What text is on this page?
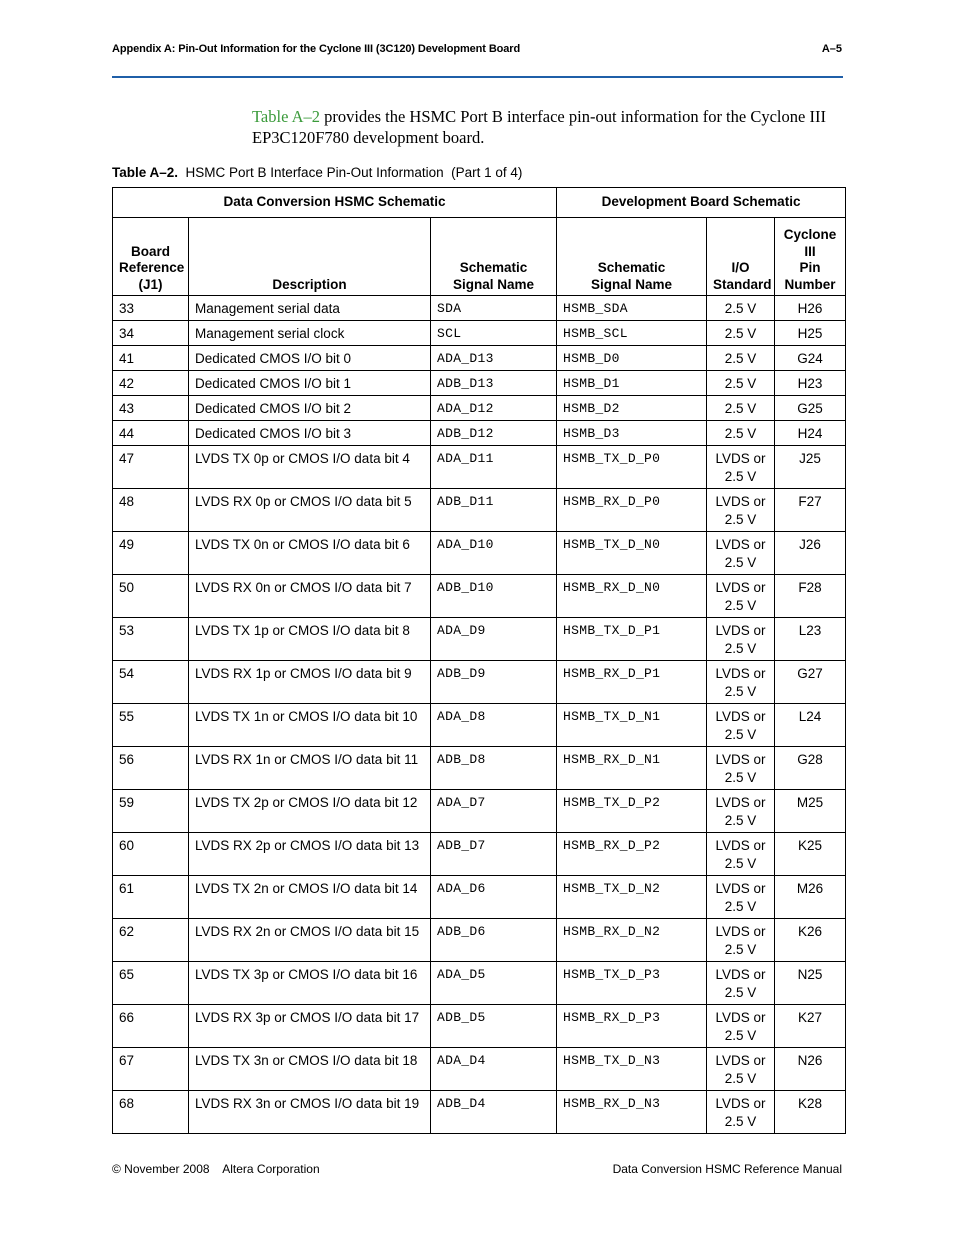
Appendix A: Pin-Out Information for the Cyclone III (3C120) Development Board	A–5
Table A–2 provides the HSMC Port B interface pin-out information for the Cyclone III EP3C120F780 development board.
Table A–2.  HSMC Port B Interface Pin-Out Information  (Part 1 of 4)
Data Conversion HSMC Schematic			Development Board Schematic		
Board
Reference
(J1)	Description	Schematic
Signal Name	Schematic
Signal Name	I/O
Standard	Cyclone
III
Pin
Number
33	Management serial data	SDA	HSMB_SDA	2.5 V	H26
34	Management serial clock	SCL	HSMB_SCL	2.5 V	H25
41	Dedicated CMOS I/O bit 0	ADA_D13	HSMB_D0	2.5 V	G24
42	Dedicated CMOS I/O bit 1	ADB_D13	HSMB_D1	2.5 V	H23
43	Dedicated CMOS I/O bit 2	ADA_D12	HSMB_D2	2.5 V	G25
44	Dedicated CMOS I/O bit 3	ADB_D12	HSMB_D3	2.5 V	H24
47	LVDS TX 0p or CMOS I/O data bit 4	ADA_D11	HSMB_TX_D_P0	LVDS or
2.5 V	J25
48	LVDS RX 0p or CMOS I/O data bit 5	ADB_D11	HSMB_RX_D_P0	LVDS or
2.5 V	F27
49	LVDS TX 0n or CMOS I/O data bit 6	ADA_D10	HSMB_TX_D_N0	LVDS or
2.5 V	J26
50	LVDS RX 0n or CMOS I/O data bit 7	ADB_D10	HSMB_RX_D_N0	LVDS or
2.5 V	F28
53	LVDS TX 1p or CMOS I/O data bit 8	ADA_D9	HSMB_TX_D_P1	LVDS or
2.5 V	L23
54	LVDS RX 1p or CMOS I/O data bit 9	ADB_D9	HSMB_RX_D_P1	LVDS or
2.5 V	G27
55	LVDS TX 1n or CMOS I/O data bit 10	ADA_D8	HSMB_TX_D_N1	LVDS or
2.5 V	L24
56	LVDS RX 1n or CMOS I/O data bit 11	ADB_D8	HSMB_RX_D_N1	LVDS or
2.5 V	G28
59	LVDS TX 2p or CMOS I/O data bit 12	ADA_D7	HSMB_TX_D_P2	LVDS or
2.5 V	M25
60	LVDS RX 2p or CMOS I/O data bit 13	ADB_D7	HSMB_RX_D_P2	LVDS or
2.5 V	K25
61	LVDS TX 2n or CMOS I/O data bit 14	ADA_D6	HSMB_TX_D_N2	LVDS or
2.5 V	M26
62	LVDS RX 2n or CMOS I/O data bit 15	ADB_D6	HSMB_RX_D_N2	LVDS or
2.5 V	K26
65	LVDS TX 3p or CMOS I/O data bit 16	ADA_D5	HSMB_TX_D_P3	LVDS or
2.5 V	N25
66	LVDS RX 3p or CMOS I/O data bit 17	ADB_D5	HSMB_RX_D_P3	LVDS or
2.5 V	K27
67	LVDS TX 3n or CMOS I/O data bit 18	ADA_D4	HSMB_TX_D_N3	LVDS or
2.5 V	N26
68	LVDS RX 3n or CMOS I/O data bit 19	ADB_D4	HSMB_RX_D_N3	LVDS or
2.5 V	K28
© November 2008    Altera Corporation	Data Conversion HSMC Reference Manual
